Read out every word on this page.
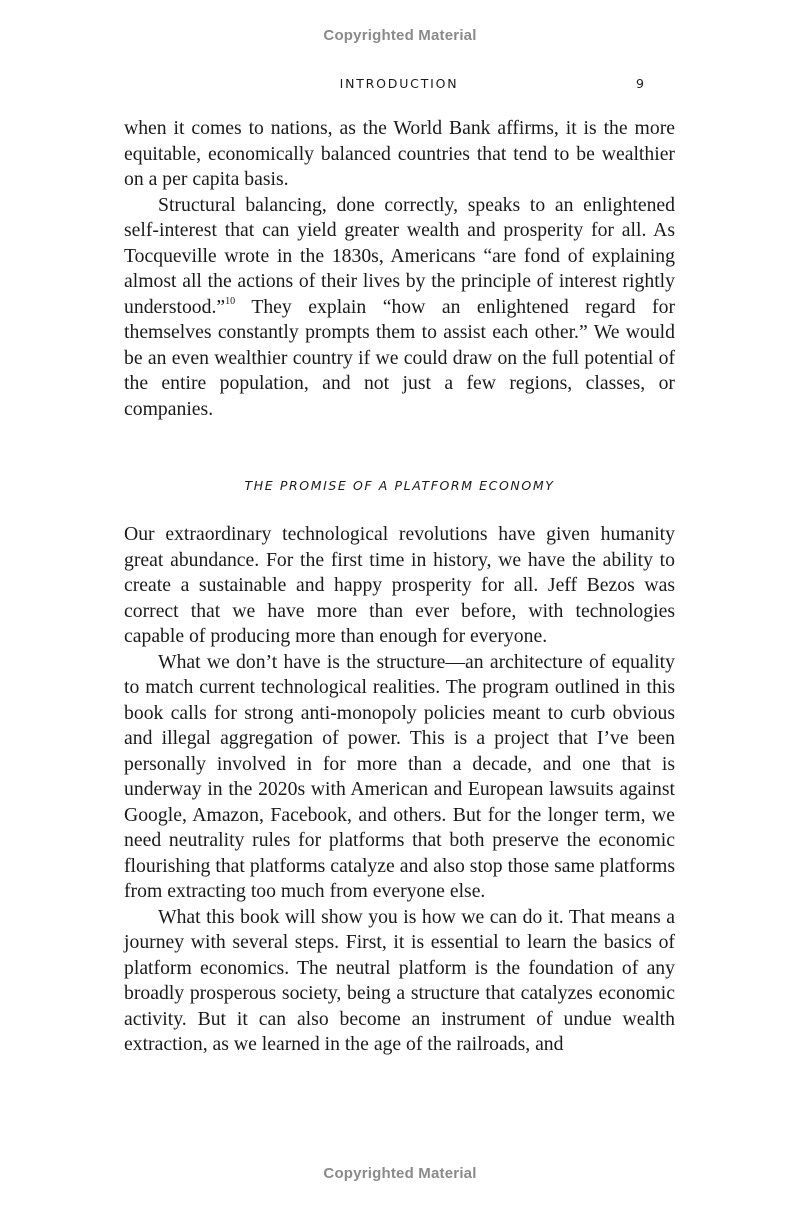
Copyrighted Material
INTRODUCTION	9

when it comes to nations, as the World Bank affirms, it is the more equitable, economically balanced countries that tend to be wealthier on a per capita basis.

Structural balancing, done correctly, speaks to an enlightened self-interest that can yield greater wealth and prosperity for all. As Tocqueville wrote in the 1830s, Americans “are fond of explaining almost all the actions of their lives by the principle of interest rightly understood.”$^{10}$ They explain “how an enlightened regard for themselves constantly prompts them to assist each other.” We would be an even wealthier country if we could draw on the full potential of the entire population, and not just a few regions, classes, or companies.

THE PROMISE OF A PLATFORM ECONOMY

Our extraordinary technological revolutions have given humanity great abundance. For the first time in history, we have the ability to create a sustainable and happy prosperity for all. Jeff Bezos was correct that we have more than ever before, with technologies capable of producing more than enough for everyone.

What we don’t have is the structure—an architecture of equality to match current technological realities. The program outlined in this book calls for strong anti-monopoly policies meant to curb obvious and illegal aggregation of power. This is a project that I’ve been personally involved in for more than a decade, and one that is underway in the 2020s with American and European lawsuits against Google, Amazon, Facebook, and others. But for the longer term, we need neutrality rules for platforms that both preserve the economic flourishing that platforms catalyze and also stop those same platforms from extracting too much from everyone else.

What this book will show you is how we can do it. That means a journey with several steps. First, it is essential to learn the basics of platform economics. The neutral platform is the foundation of any broadly prosperous society, being a structure that catalyzes economic activity. But it can also become an instrument of undue wealth extraction, as we learned in the age of the railroads, and

Copyrighted Material
